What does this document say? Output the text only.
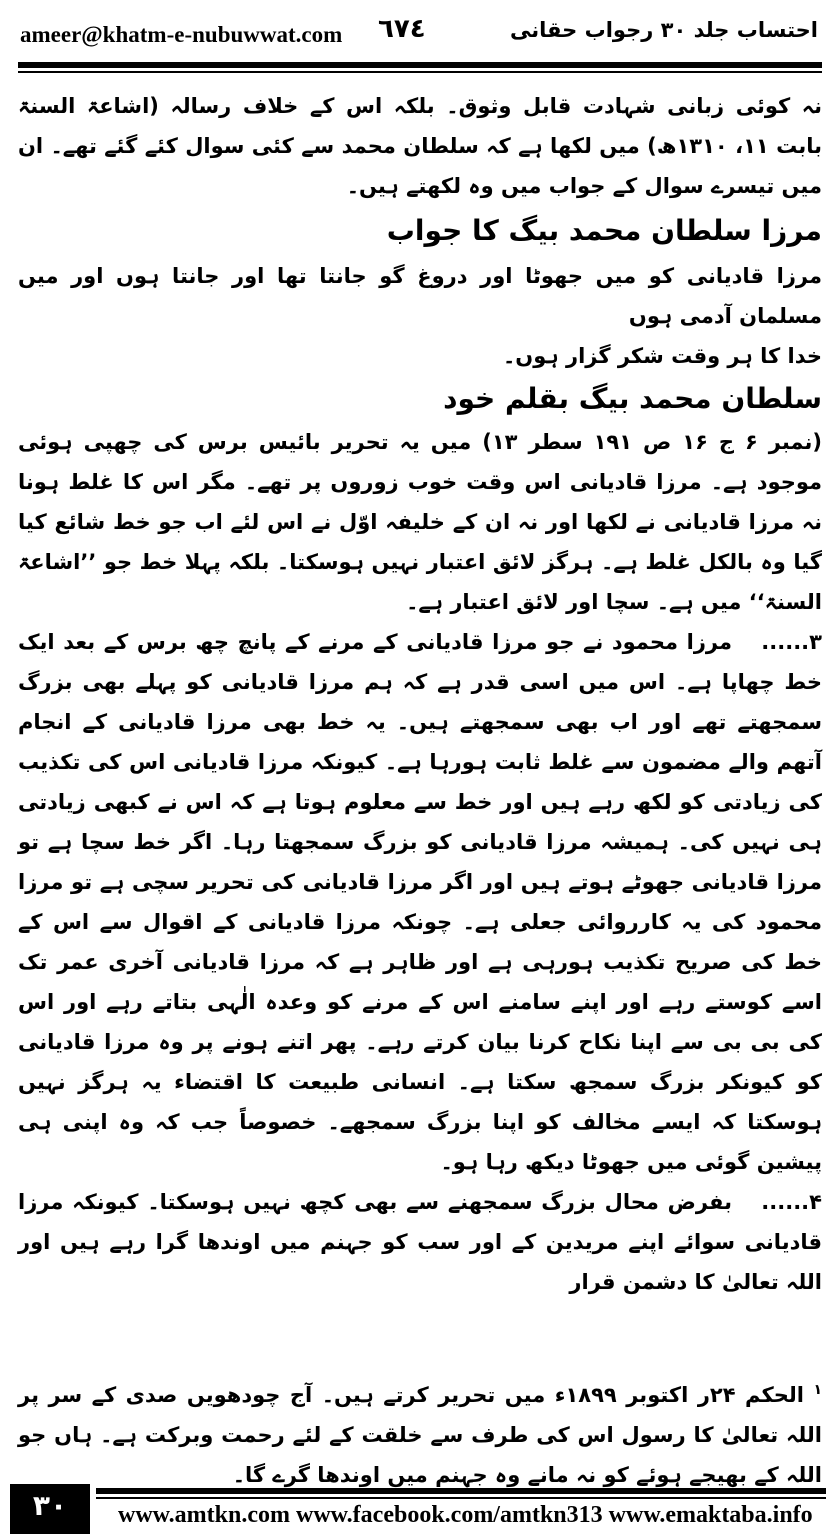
ameer@khatm-e-nubuwwat.com ٦٧٤	احتساب جلد ۳۰ رجواب حقانی

نہ کوئی زبانی شہادت قابل وثوق۔ بلکہ اس کے خلاف رسالہ (اشاعۃ السنۃ بابت ۱۱، ۱۳۱۰ھ) میں لکھا ہے کہ سلطان محمد سے کئی سوال کئے گئے تھے۔ ان میں تیسرے سوال کے جواب میں وہ لکھتے ہیں۔

مرزا سلطان محمد بیگ کا جواب

مرزا قادیانی کو میں جھوٹا اور دروغ گو جانتا تھا اور جانتا ہوں اور میں مسلمان آدمی ہوں

خدا کا ہر وقت شکر گزار ہوں۔

سلطان محمد بیگ بقلم خود

(نمبر ۶ ج ۱۶ ص ۱۹۱ سطر ۱۳) میں یہ تحریر بائیس برس کی چھپی ہوئی موجود ہے۔ مرزا قادیانی اس وقت خوب زوروں پر تھے۔ مگر اس کا غلط ہونا نہ مرزا قادیانی نے لکھا اور نہ ان کے خلیفہ اوّل نے اس لئے اب جو خط شائع کیا گیا وہ بالکل غلط ہے۔ ہرگز لائق اعتبار نہیں ہوسکتا۔ بلکہ پہلا خط جو ’’اشاعۃ السنۃ‘‘ میں ہے۔ سچا اور لائق اعتبار ہے۔

۳......مرزا محمود نے جو مرزا قادیانی کے مرنے کے پانچ چھ برس کے بعد ایک خط چھاپا ہے۔ اس میں اسی قدر ہے کہ ہم مرزا قادیانی کو پہلے بھی بزرگ سمجھتے تھے اور اب بھی سمجھتے ہیں۔ یہ خط بھی مرزا قادیانی کے انجام آتھم والے مضمون سے غلط ثابت ہورہا ہے۔ کیونکہ مرزا قادیانی اس کی تکذیب کی زیادتی کو لکھ رہے ہیں اور خط سے معلوم ہوتا ہے کہ اس نے کبھی زیادتی ہی نہیں کی۔ ہمیشہ مرزا قادیانی کو بزرگ سمجھتا رہا۔ اگر خط سچا ہے تو مرزا قادیانی جھوٹے ہوتے ہیں اور اگر مرزا قادیانی کی تحریر سچی ہے تو مرزا محمود کی یہ کارروائی جعلی ہے۔ چونکہ مرزا قادیانی کے اقوال سے اس کے خط کی صریح تکذیب ہورہی ہے اور ظاہر ہے کہ مرزا قادیانی آخری عمر تک اسے کوستے رہے اور اپنے سامنے اس کے مرنے کو وعدہ الٰہی بتاتے رہے اور اس کی بی بی سے اپنا نکاح کرنا بیان کرتے رہے۔ پھر اتنے ہونے پر وہ مرزا قادیانی کو کیونکر بزرگ سمجھ سکتا ہے۔ انسانی طبیعت کا اقتضاء یہ ہرگز نہیں ہوسکتا کہ ایسے مخالف کو اپنا بزرگ سمجھے۔ خصوصاً جب کہ وہ اپنی ہی پیشین گوئی میں جھوٹا دیکھ رہا ہو۔

۴......بفرض محال بزرگ سمجھنے سے بھی کچھ نہیں ہوسکتا۔ کیونکہ مرزا قادیانی سوائے اپنے مریدین کے اور سب کو جہنم میں اوندھا گرا رہے ہیں اور اللہ تعالیٰ کا دشمن قرار

$^۱$ الحکم ۲۴ر اکتوبر ۱۸۹۹ء میں تحریر کرتے ہیں۔ آج چودھویں صدی کے سر پر اللہ تعالیٰ کا رسول اس کی طرف سے خلقت کے لئے رحمت وبرکت ہے۔ ہاں جو اللہ کے بھیجے ہوئے کو نہ مانے وہ جہنم میں اوندھا گرے گا۔

۳۰	www.amtkn.com www.facebook.com/amtkn313 www.emaktaba.info
